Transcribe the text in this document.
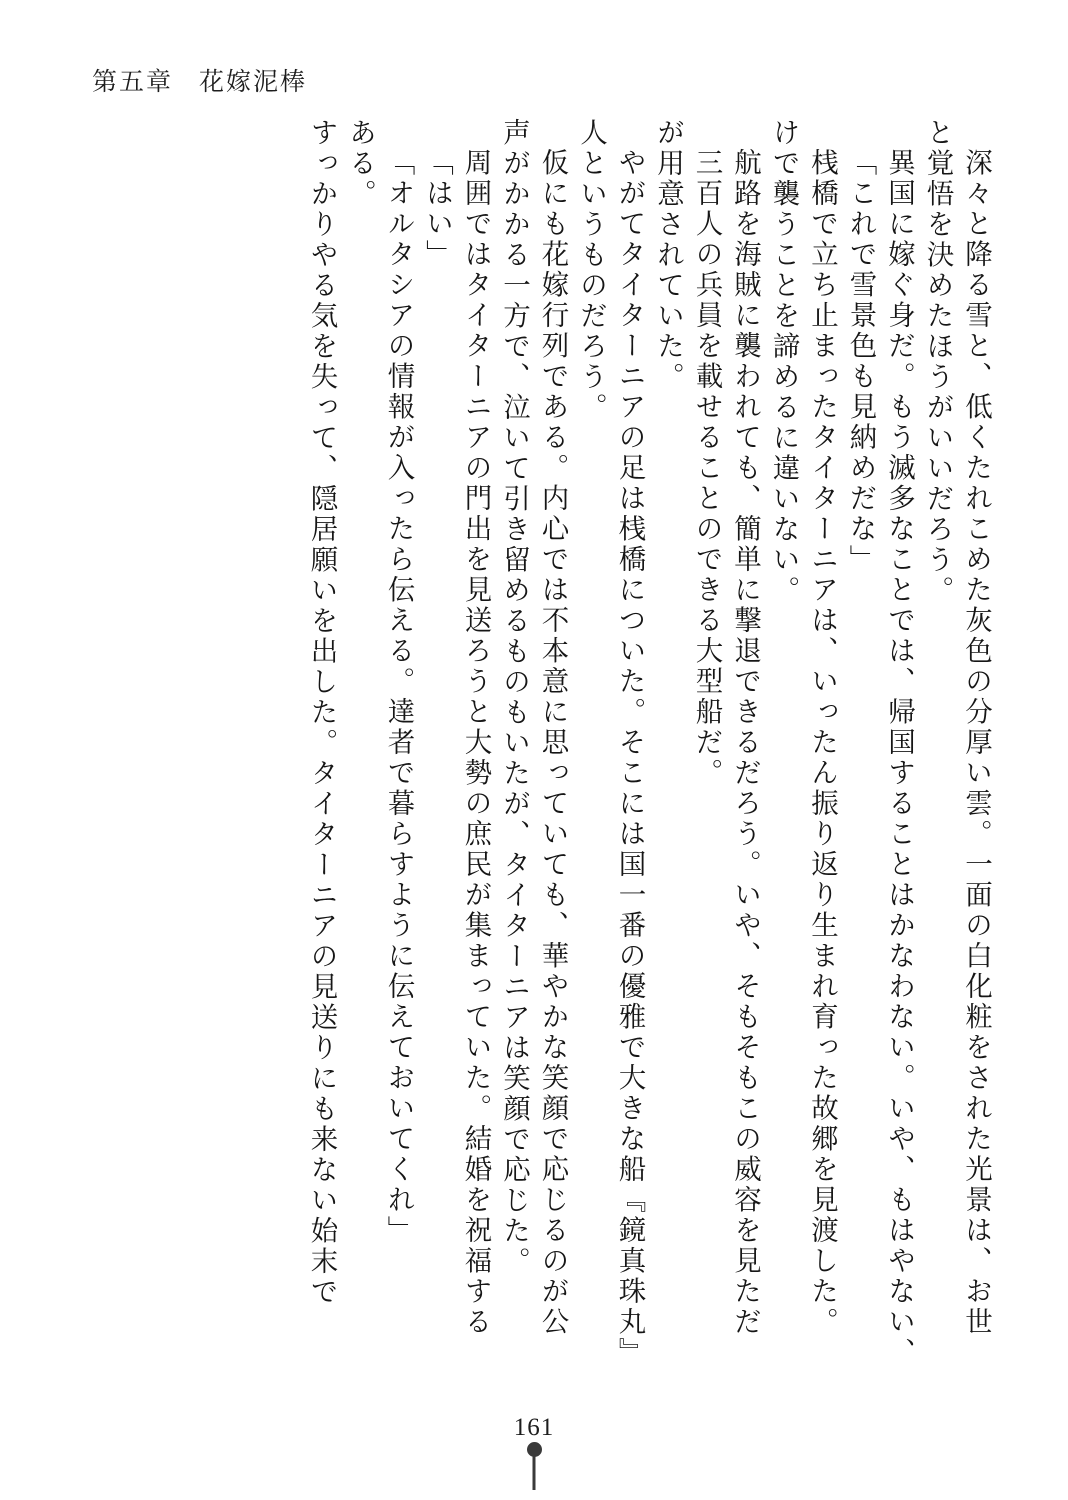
第五章 花嫁泥棒
すっかりやる気を失って、隠居願いを出した。タイターニアの見送りにも来ない始末で ある。 「オルタシアの情報が入ったら伝える。達者で暮らすように伝えておいてくれ」 「はい」 周囲ではタイターニアの門出を見送ろうと大勢の庶民が集まっていた。結婚を祝福する 声がかかる一方で、泣いて引き留めるものもいたが、タイターニアは笑顔で応じた。 仮にも花嫁行列である。内心では不本意に思っていても、華やかな笑顔で応じるのが公 人というものだろう。 やがてタイターニアの足は桟橋についた。そこには国一番の優雅で大きな船『鏡真珠丸』 が用意されていた。 三百人の兵員を載せることのできる大型船だ。 航路を海賊に襲われても、簡単に撃退できるだろう。いや、そもそもこの威容を見ただ けで襲うことを諦めるに違いない。 桟橋で立ち止まったタイターニアは、いったん振り返り生まれ育った故郷を見渡した。 「これで雪景色も見納めだな」 異国に嫁ぐ身だ。もう滅多なことでは、帰国することはかなわない。いや、もはやない、 と覚悟を決めたほうがいいだろう。 深々と降る雪と、低くたれこめた灰色の分厚い雲。一面の白化粧をされた光景は、お世
161
